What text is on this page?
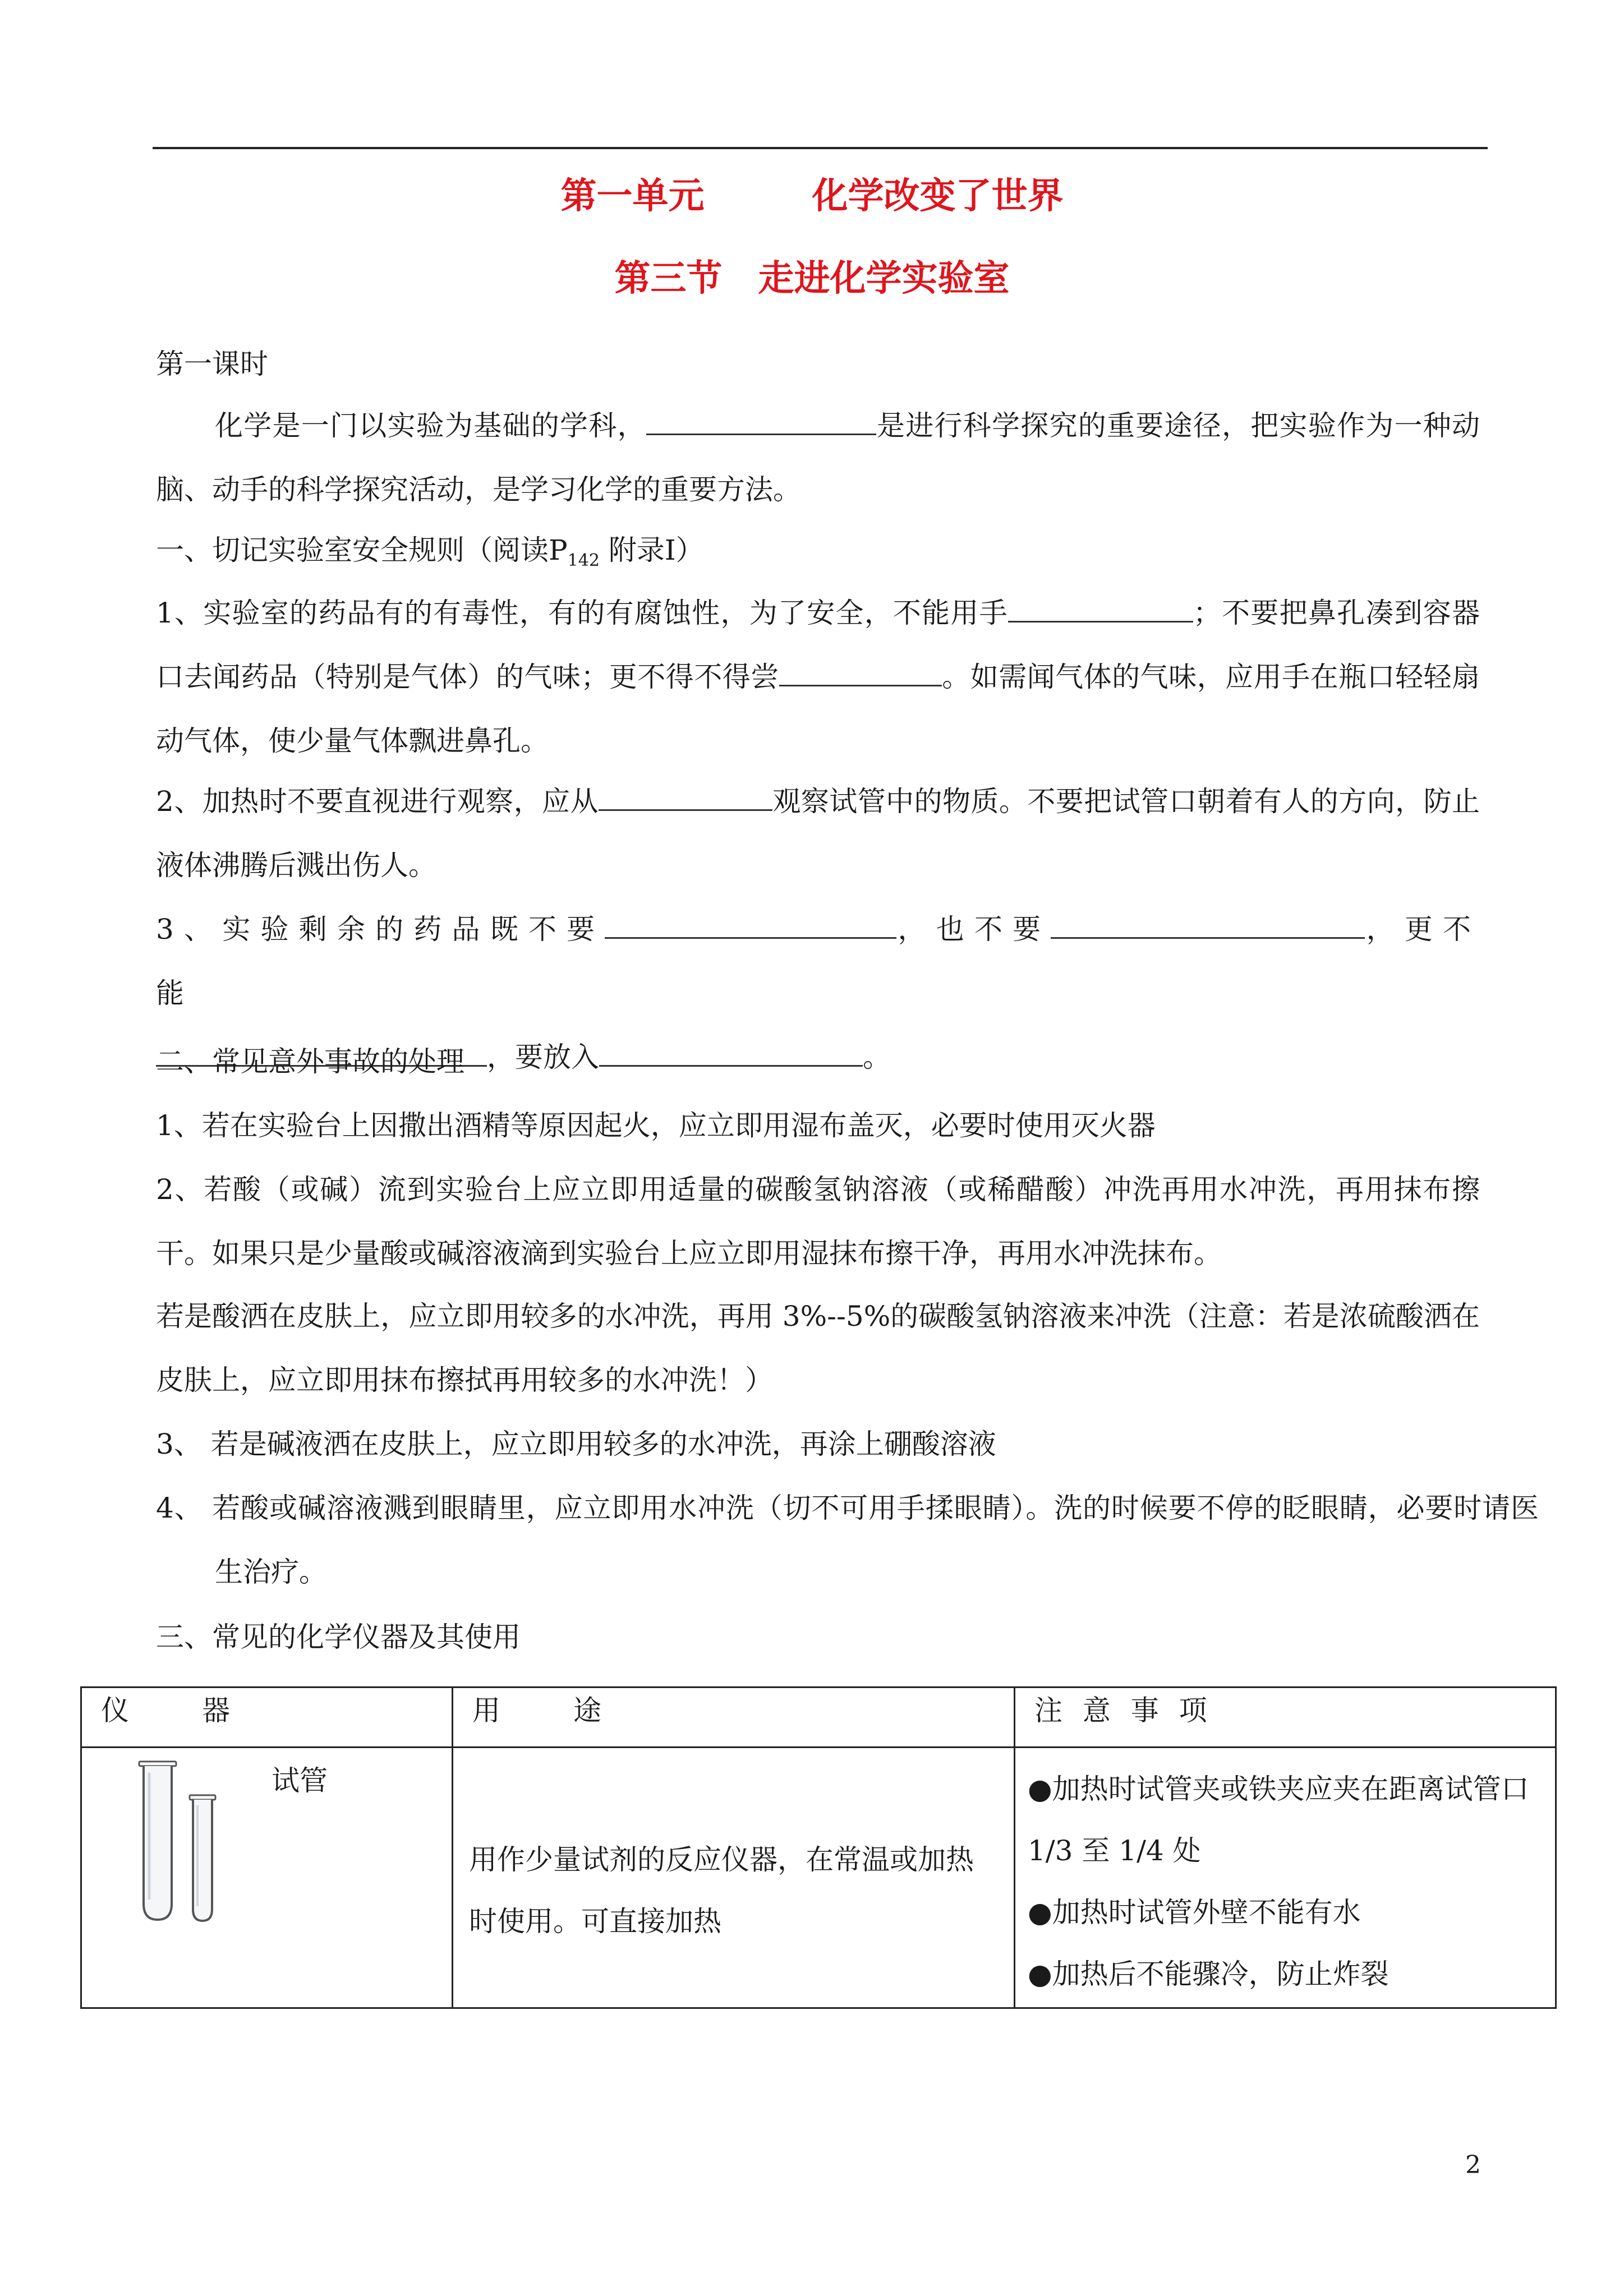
第一单元　　　化学改变了世界
第三节　走进化学实验室

第一课时

化学是一门以实验为基础的学科，	是进行科学探究的重要途径，把实验作为一种动脑、动手的科学探究活动，是学习化学的重要方法。

一、切记实验室安全规则（阅读$P_{142}$ 附录Ⅰ）

1、实验室的药品有的有毒性，有的有腐蚀性，为了安全，不能用手	；不要把鼻孔凑到容器口去闻药品（特别是气体）的气味；更不得不得尝	。如需闻气体的气味，应用手在瓶口轻轻扇动气体，使少量气体飘进鼻孔。

2、加热时不要直视进行观察，应从	观察试管中的物质。不要把试管口朝着有人的方向，防止液体沸腾后溅出伤人。

3、实验剩余的药品既不要	，也不要	，更不能
，要放入	。

二、常见意外事故的处理

1、若在实验台上因撒出酒精等原因起火，应立即用湿布盖灭，必要时使用灭火器

2、若酸（或碱）流到实验台上应立即用适量的碳酸氢钠溶液（或稀醋酸）冲洗再用水冲洗，再用抹布擦干。如果只是少量酸或碱溶液滴到实验台上应立即用湿抹布擦干净，再用水冲洗抹布。

若是酸洒在皮肤上，应立即用较多的水冲洗，再用 3%--5%的碳酸氢钠溶液来冲洗（注意：若是浓硫酸洒在皮肤上，应立即用抹布擦拭再用较多的水冲洗！）

3、 若是碱液洒在皮肤上，应立即用较多的水冲洗，再涂上硼酸溶液

4、 若酸或碱溶液溅到眼睛里，应立即用水冲洗（切不可用手揉眼睛）。洗的时候要不停的眨眼睛，必要时请医生治疗。

三、常见的化学仪器及其使用

仪　　器	用　　途	注 意 事 项

试管	用作少量试剂的反应仪器，在常温或加热时使用。可直接加热	●加热时试管夹或铁夹应夹在距离试管口 1/3 至 1/4 处
●加热时试管外壁不能有水
●加热后不能骤冷，防止炸裂
2
